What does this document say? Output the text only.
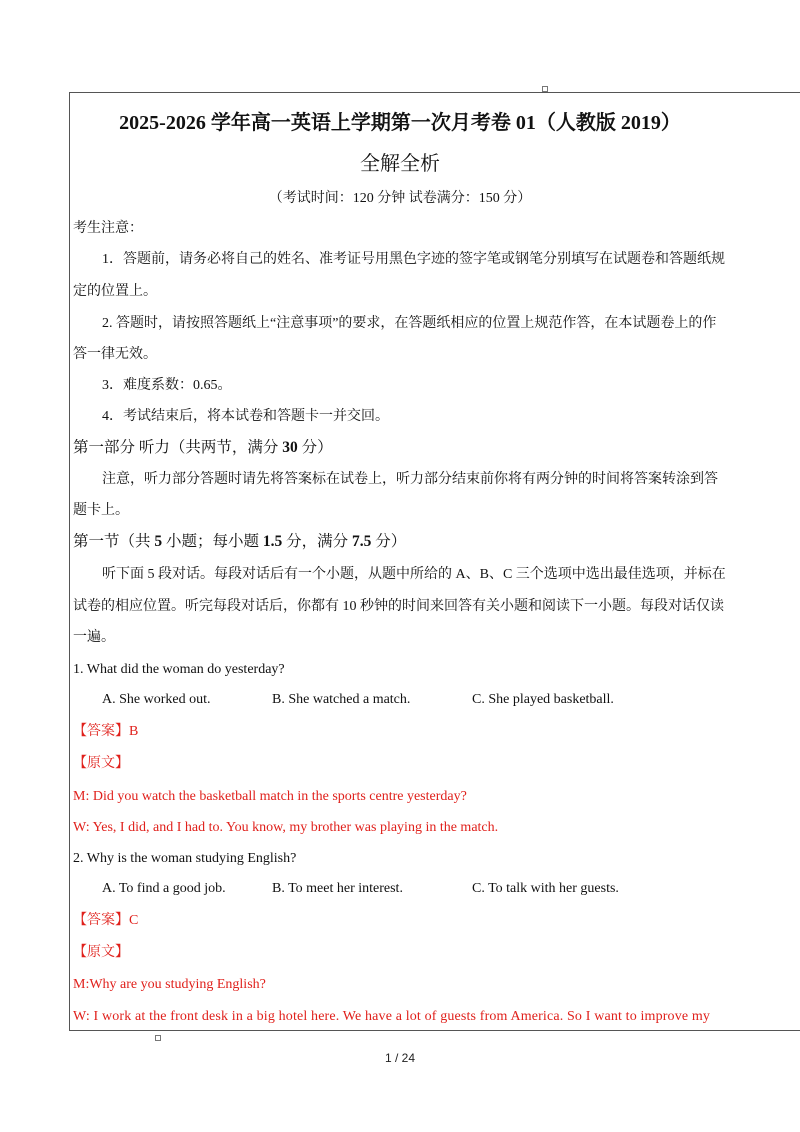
2025-2026 学年高一英语上学期第一次月考卷 01（人教版 2019）
全解全析
（考试时间：120 分钟 试卷满分：150 分）
考生注意：
1．答题前，请务必将自己的姓名、准考证号用黑色字迹的签字笔或钢笔分别填写在试题卷和答题纸规
定的位置上。
2. 答题时，请按照答题纸上“注意事项”的要求，在答题纸相应的位置上规范作答，在本试题卷上的作
答一律无效。
3．难度系数：0.65。
4．考试结束后，将本试卷和答题卡一并交回。
第一部分 听力（共两节，满分 30 分）
注意，听力部分答题时请先将答案标在试卷上，听力部分结束前你将有两分钟的时间将答案转涂到答
题卡上。
第一节（共 5 小题；每小题 1.5 分，满分 7.5 分）
听下面 5 段对话。每段对话后有一个小题，从题中所给的 A、B、C 三个选项中选出最佳选项，并标在
试卷的相应位置。听完每段对话后，你都有 10 秒钟的时间来回答有关小题和阅读下一小题。每段对话仅读
一遍。
1. What did the woman do yesterday?
A. She worked out.	B. She watched a match.	C. She played basketball.
【答案】B
【原文】
M: Did you watch the basketball match in the sports centre yesterday?
W: Yes, I did, and I had to. You know, my brother was playing in the match.
2. Why is the woman studying English?
A. To find a good job.	B. To meet her interest.	C. To talk with her guests.
【答案】C
【原文】
M:Why are you studying English?
W: I work at the front desk in a big hotel here. We have a lot of guests from America. So I want to improve my
1 / 24
